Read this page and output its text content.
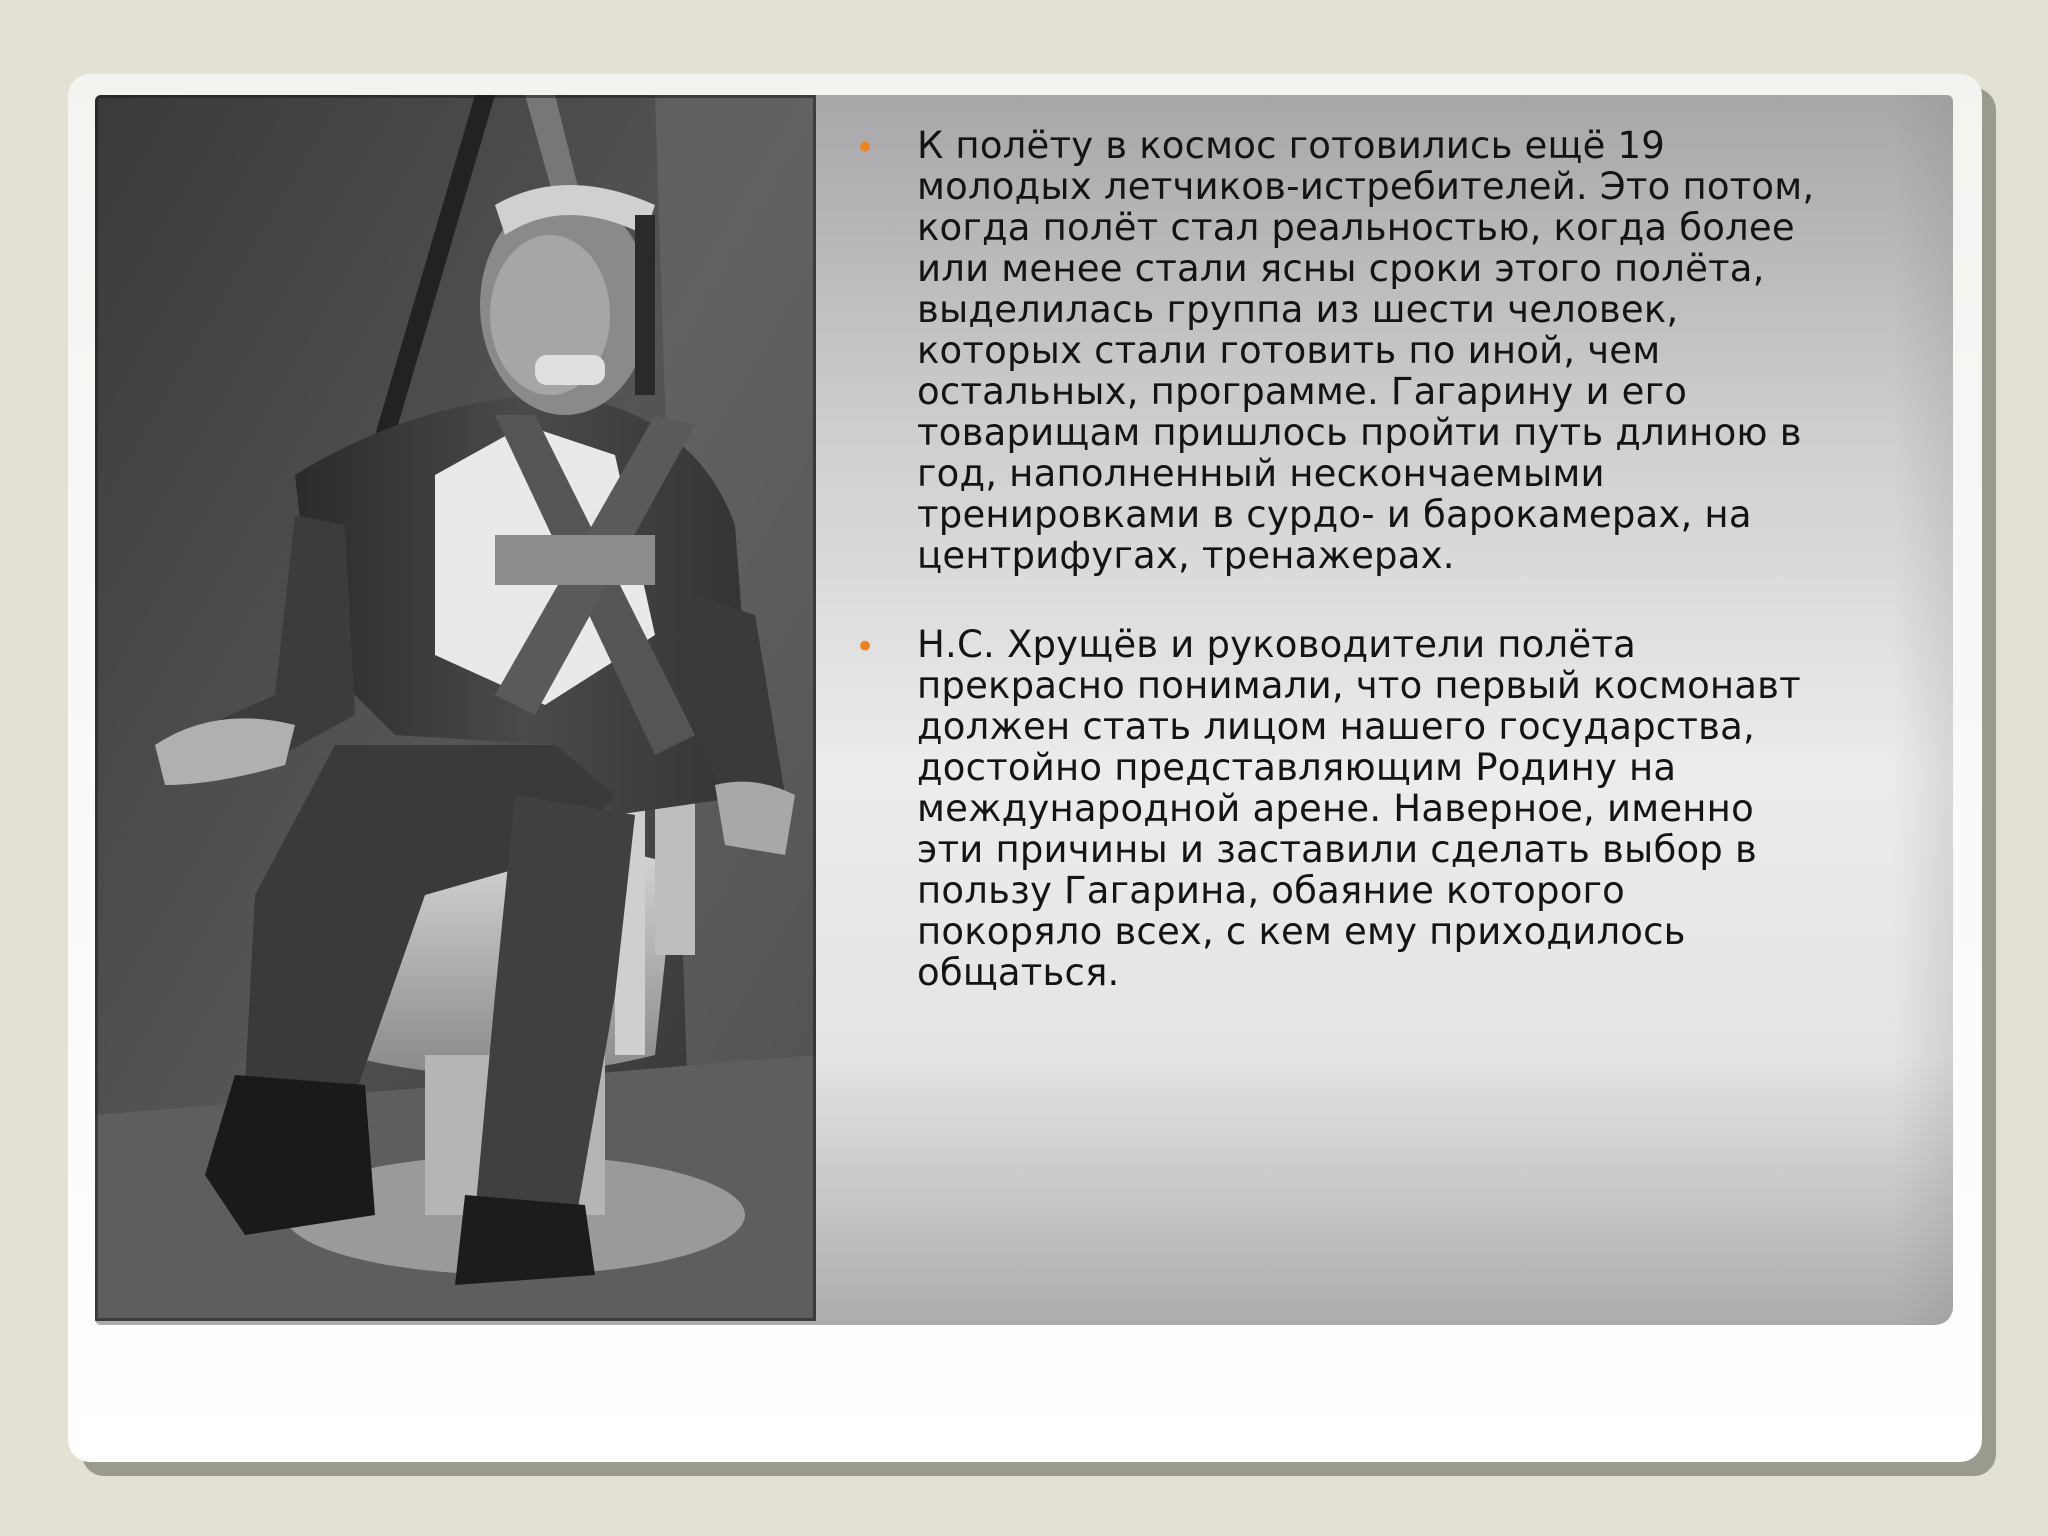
• К полёту в космос готовились ещё 19
молодых летчиков-истребителей. Это потом,
когда полёт стал реальностью, когда более
или менее стали ясны сроки этого полёта,
выделилась группа из шести человек,
которых стали готовить по иной, чем
остальных, программе. Гагарину и его
товарищам пришлось пройти путь длиною в
год, наполненный нескончаемыми
тренировками в сурдо- и барокамерах, на
центрифугах, тренажерах.
• Н.С. Хрущёв и руководители полёта
прекрасно понимали, что первый космонавт
должен стать лицом нашего государства,
достойно представляющим Родину на
международной арене. Наверное, именно
эти причины и заставили сделать выбор в
пользу Гагарина, обаяние которого
покоряло всех, с кем ему приходилось
общаться.
